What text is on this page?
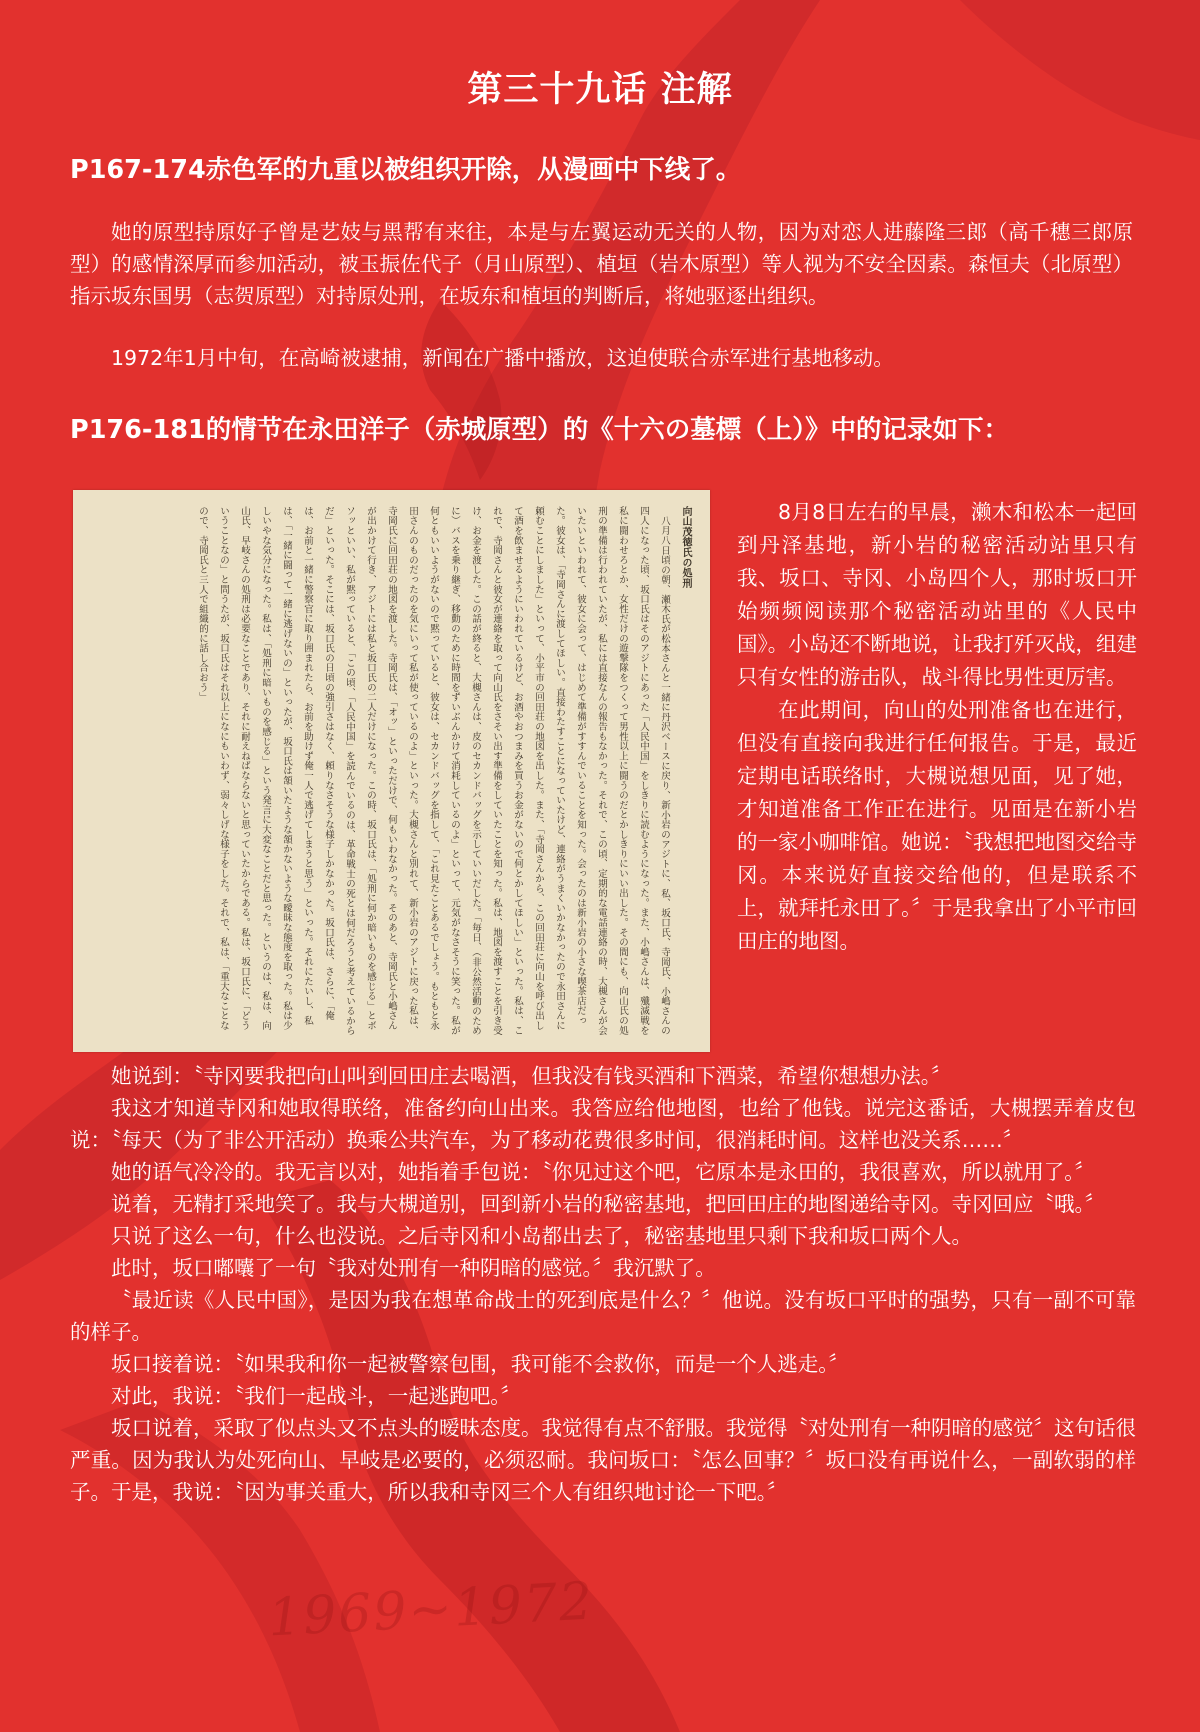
第三十九话 注解
P167-174赤色军的九重以被组织开除，从漫画中下线了。

她的原型持原好子曾是艺妓与黑帮有来往，本是与左翼运动无关的人物，因为对恋人进藤隆三郎（高千穗三郎原型）的感情深厚而参加活动，被玉振佐代子（月山原型）、植垣（岩木原型）等人视为不安全因素。森恒夫（北原型）指示坂东国男（志贺原型）对持原处刑，在坂东和植垣的判断后，将她驱逐出组织。

1972年1月中旬，在高崎被逮捕，新闻在广播中播放，这迫使联合赤军进行基地移动。

P176-181的情节在永田洋子（赤城原型）的《十六の墓標（上）》中的记录如下：
向山茂徳氏の処刑

八月八日頃の朝、瀬木氏が松本さんと一緒に丹沢ベースに戻り、新小岩のアジトに、私、坂口氏、寺岡氏、小嶋さんの四人になった頃、坂口氏はそのアジトにあった「人民中国」をしきりに読むようになった。また、小嶋さんは、殲滅戦を私に闘わせろとか、女性だけの遊撃隊をつくって男性以上に闘うのだとかしきりにいい出した。その間にも、向山氏の処刑の準備は行われていたが、私には直接なんの報告もなかった。それで、この頃、定期的な電話連絡の時、大槻さんが会いたいといわれて、彼女に会って、はじめて準備がすすんでいることを知った。会ったのは新小岩の小さな喫茶店だった。彼女は、「寺岡さんに渡してほしい。直接わたすことになっていたけど、連絡がうまくいかなかったので永田さんに頼むことにしました」といって、小平市の回田荘の地図を出した。また、「寺岡さんから、この回田荘に向山を呼び出して酒を飲ませるようにいわれているけど、お酒やおつまみを買うお金がないので何とかしてほしい」といった。私は、これで、寺岡さんと彼女が連絡を取って向山氏をさそい出す準備をしていたことを知った。私は、地図を渡すことを引き受け、お金を渡した。この話が終ると、大槻さんは、皮のセカンドバッグを示していいだした。「毎日、（非公然活動のために）バスを乗り継ぎ、移動のために時間をずいぶんかけて消耗しているのよ」といって、元気がなさそうに笑った。私が何ともいいようがないので黙っていると、彼女は、セカンドバッグを指して、「これ見たことあるでしょう。もともと永田さんのものだったのを気にいって私が使っているのよ」といった。大槻さんと別れて、新小岩のアジトに戻った私は、寺岡氏に回田荘の地図を渡した。寺岡氏は、「オッ」といっただけで、何もいわなかった。そのあと、寺岡氏と小嶋さんが出かけて行き、アジトには私と坂口氏の二人だけになった。この時、坂口氏は、「処刑に何か暗いものを感じる」とボソッといい、私が黙っていると、「この頃、「人民中国」を読んでいるのは、革命戦士の死とは何だろうと考えているからだ」といった。そこには、坂口氏の日頃の強引さはなく、頼りなさそうな様子しかなかった。坂口氏は、さらに、「俺は、お前と一緒に警察官に取り囲まれたら、お前を助けず俺一人で逃げてしまうと思う」といった。それにたいし、私は、「一緒に闘って一緒に逃げないの」といったが、坂口氏は頷いたような頷かないような曖昧な態度を取った。私は少しいやな気分になった。私は、「処刑に暗いものを感じる」という発言に大変なことだと思った。というのは、私は、向山氏、早岐さんの処刑は必要なことであり、それに耐えねばならないと思っていたからである。私は、坂口氏に、「どういうことなの」と問うたが、坂口氏はそれ以上になにもいわず、弱々しげな様子をした。それで、私は、「重大なことなので、寺岡氏と三人で組織的に話し合おう」	8月8日左右的早晨，濑木和松本一起回到丹泽基地，新小岩的秘密活动站里只有我、坂口、寺冈、小岛四个人，那时坂口开始频频阅读那个秘密活动站里的《人民中国》。小岛还不断地说，让我打歼灭战，组建只有女性的游击队，战斗得比男性更厉害。

在此期间，向山的处刑准备也在进行，但没有直接向我进行任何报告。于是，最近定期电话联络时，大槻说想见面，见了她，才知道准备工作正在进行。见面是在新小岩的一家小咖啡馆。她说：〝我想把地图交给寺冈。本来说好直接交给他的，但是联系不上，就拜托永田了。〞于是我拿出了小平市回田庄的地图。

她说到：〝寺冈要我把向山叫到回田庄去喝酒，但我没有钱买酒和下酒菜，希望你想想办法。〞

我这才知道寺冈和她取得联络，准备约向山出来。我答应给他地图，也给了他钱。说完这番话，大槻摆弄着皮包说：〝每天（为了非公开活动）换乘公共汽车，为了移动花费很多时间，很消耗时间。这样也没关系……〞

她的语气冷冷的。我无言以对，她指着手包说：〝你见过这个吧，它原本是永田的，我很喜欢，所以就用了。〞

说着，无精打采地笑了。我与大槻道别，回到新小岩的秘密基地，把回田庄的地图递给寺冈。寺冈回应〝哦。〞

只说了这么一句，什么也没说。之后寺冈和小岛都出去了，秘密基地里只剩下我和坂口两个人。

此时，坂口嘟囔了一句〝我对处刑有一种阴暗的感觉。〞我沉默了。

〝最近读《人民中国》，是因为我在想革命战士的死到底是什么？〞他说。没有坂口平时的强势，只有一副不可靠的样子。

坂口接着说：〝如果我和你一起被警察包围，我可能不会救你，而是一个人逃走。〞

对此，我说：〝我们一起战斗，一起逃跑吧。〞

坂口说着，采取了似点头又不点头的暧昧态度。我觉得有点不舒服。我觉得〝对处刑有一种阴暗的感觉〞这句话很严重。因为我认为处死向山、早岐是必要的，必须忍耐。我问坂口：〝怎么回事？〞坂口没有再说什么，一副软弱的样子。于是，我说：〝因为事关重大，所以我和寺冈三个人有组织地讨论一下吧。〞

1969~1972
